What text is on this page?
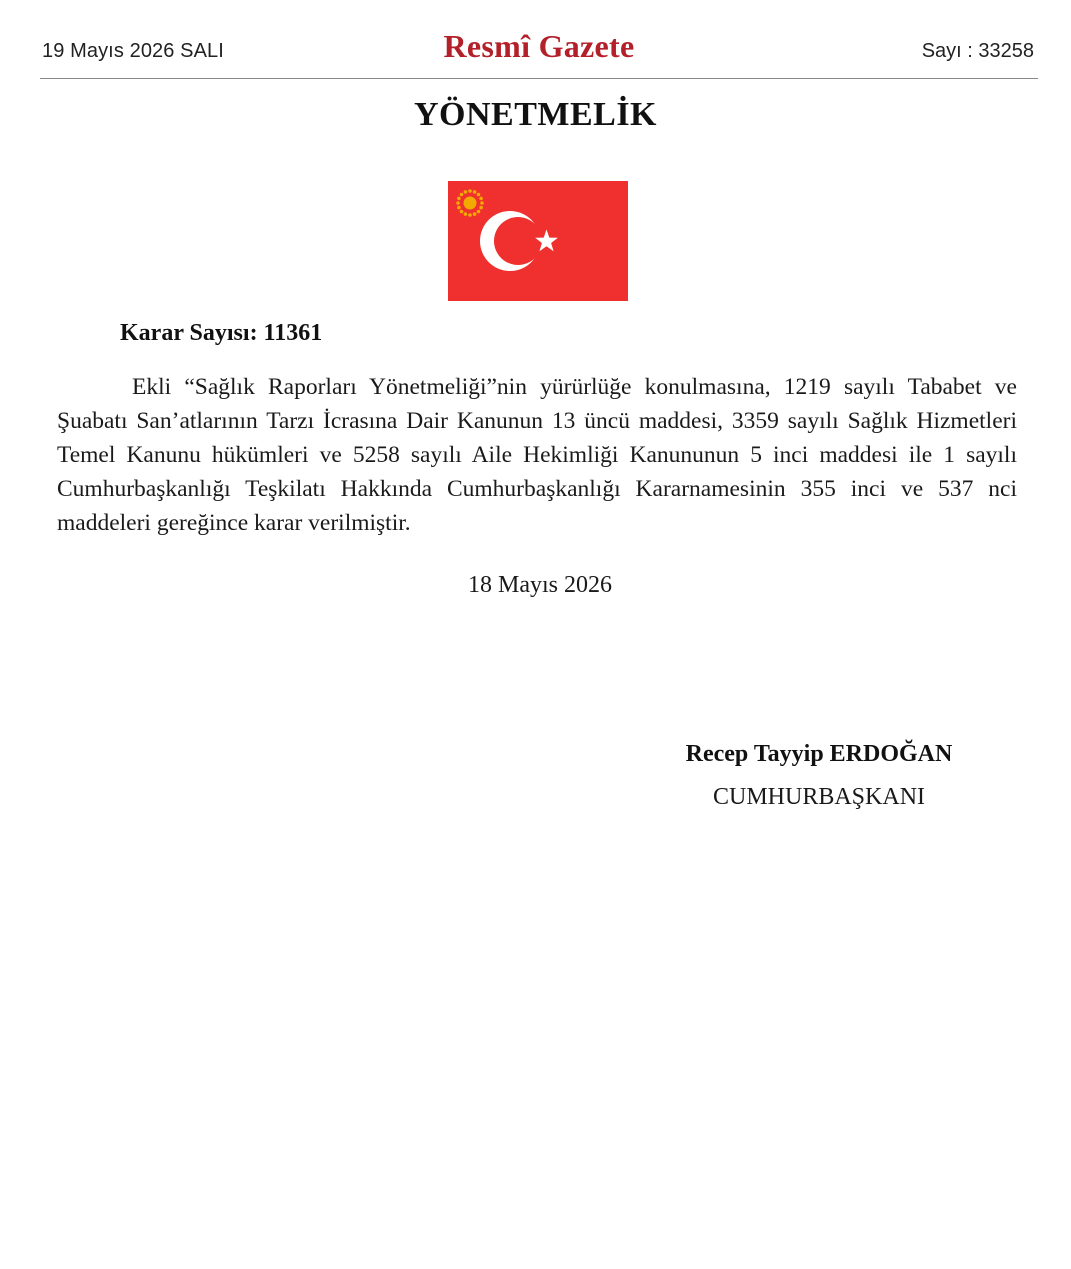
19 Mayıs 2026 SALI	Resmî Gazete	Sayı : 33258
YÖNETMELİK
Karar Sayısı: 11361

Ekli “Sağlık Raporları Yönetmeliği”nin yürürlüğe konulmasına, 1219 sayılı Tababet ve Şuabatı San’atlarının Tarzı İcrasına Dair Kanunun 13 üncü maddesi, 3359 sayılı Sağlık Hizmetleri Temel Kanunu hükümleri ve 5258 sayılı Aile Hekimliği Kanununun 5 inci maddesi ile 1 sayılı Cumhurbaşkanlığı Teşkilatı Hakkında Cumhurbaşkanlığı Kararnamesinin 355 inci ve 537 nci maddeleri gereğince karar verilmiştir.

18 Mayıs 2026
Recep Tayyip ERDOĞAN
CUMHURBAŞKANI
